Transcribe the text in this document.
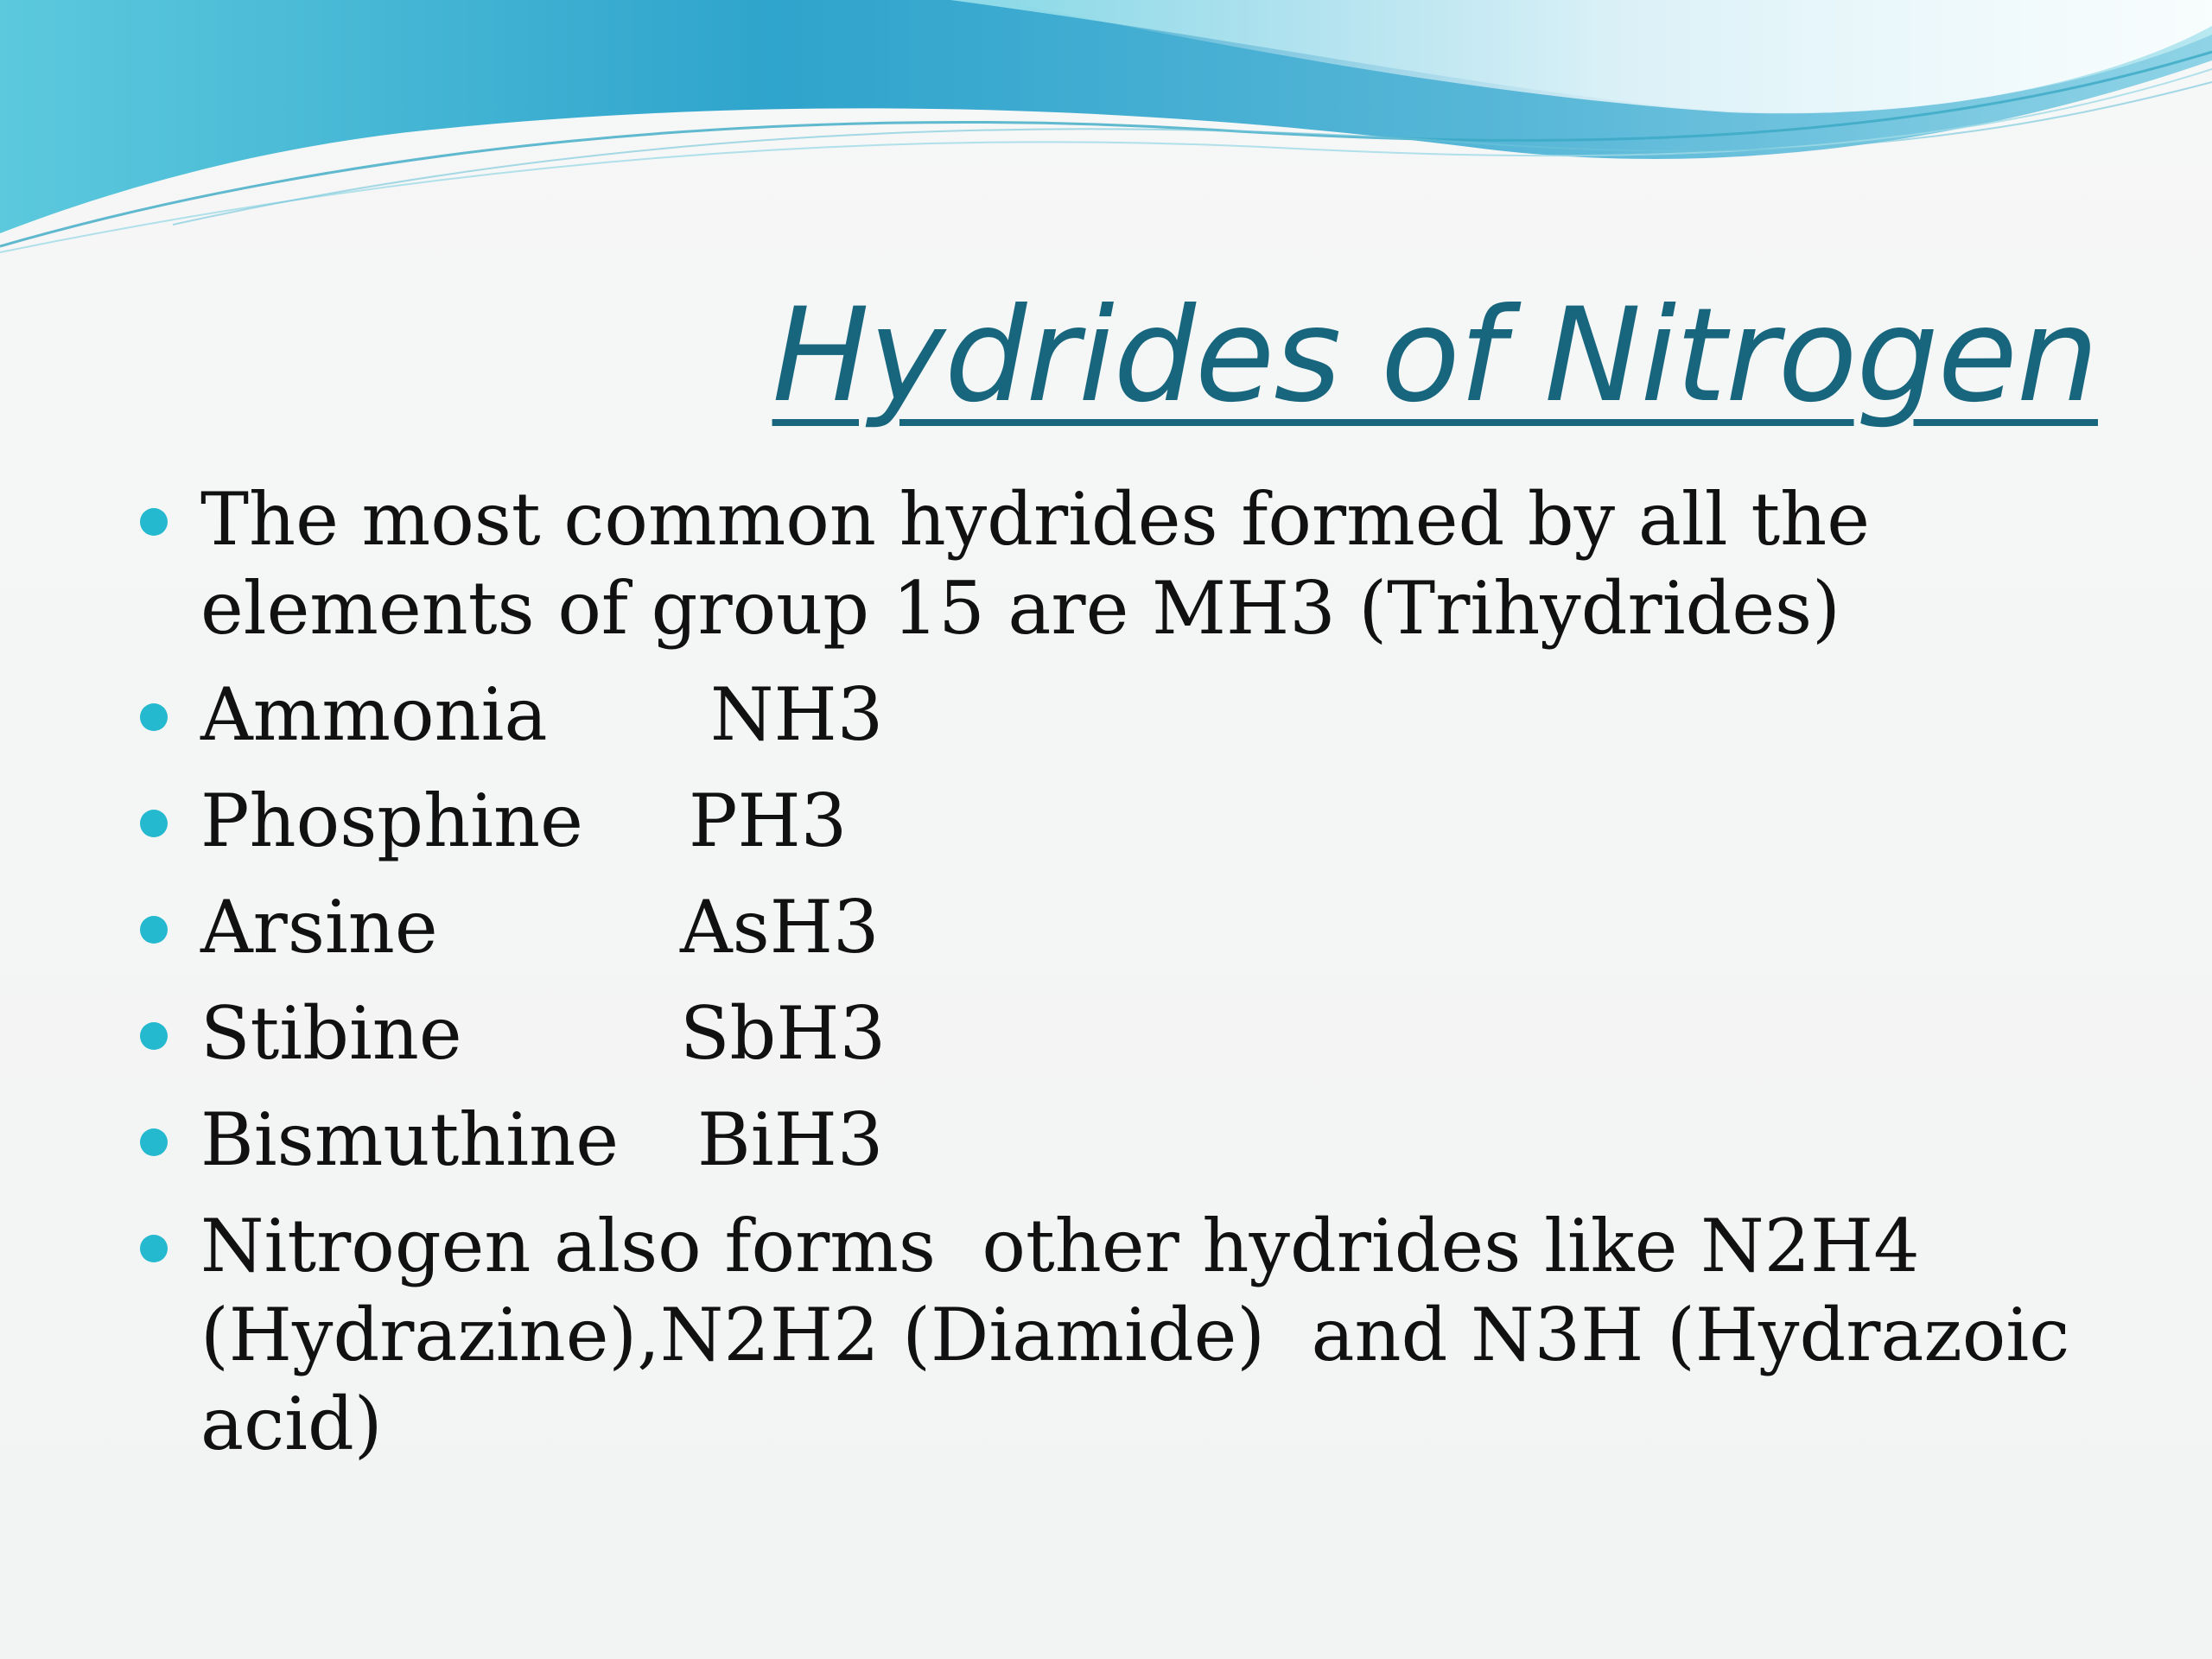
Hydrides of Nitrogen
The most common hydrides formed by all the elements of group 15 are MH3 (Trihydrides)
Ammonia	NH3
Phosphine	PH3
Arsine	AsH3
Stibine	SbH3
Bismuthine	BiH3
Nitrogen also forms  other hydrides like N2H4 (Hydrazine),N2H2 (Diamide)  and N3H (Hydrazoic acid)
